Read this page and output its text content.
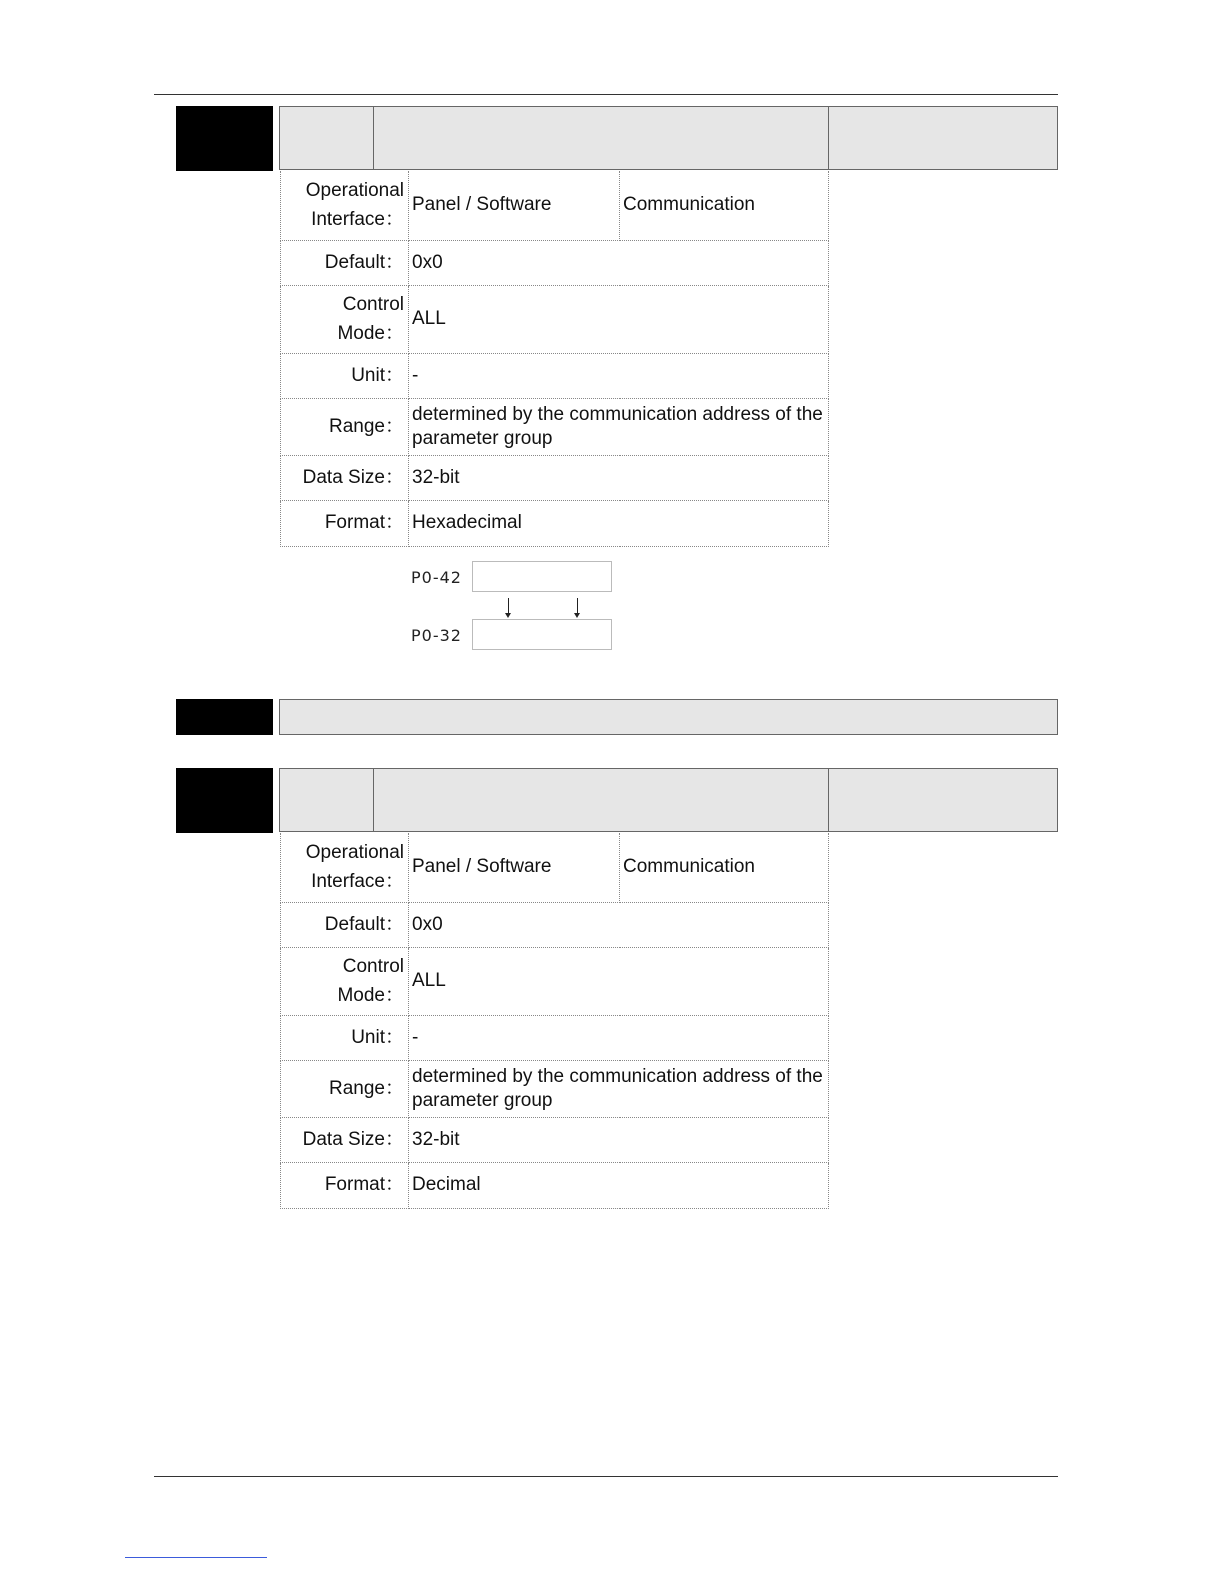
Operational
Interface：	Panel / Software	Communication
Default：	0x0	

Control
Mode：	ALL	
Unit：	-	
Range：	determined by the communication address of the parameter group	
Data Size：	32-bit	
Format：	Hexadecimal	
P0-42
P0-32
Operational
Interface：	Panel / Software	Communication
Default：	0x0	

Control
Mode：	ALL	
Unit：	-	
Range：	determined by the communication address of the parameter group	
Data Size：	32-bit	
Format：	Decimal	
